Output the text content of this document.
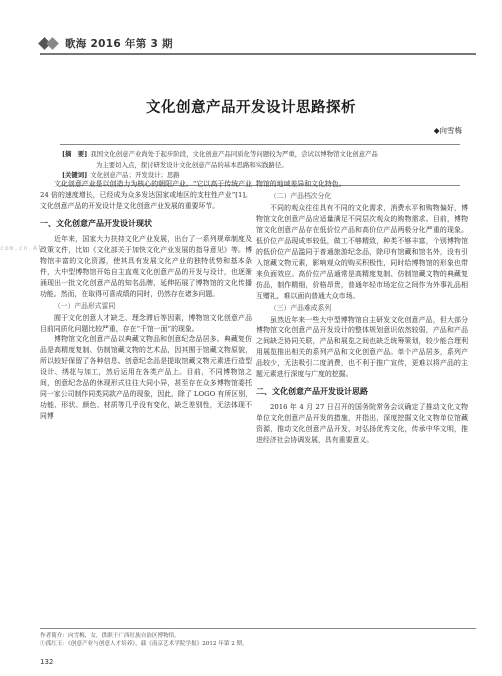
歌海 2016 年第 3 期
文化创意产品开发设计思路探析
◆向雪梅
[摘　要] 我国文化创意产业尚处于起步阶段，文化创意产品同质化等问题较为严重，尝试以博物馆文化创意产品
为主要切入点，探讨研发设计文化创意产品的基本思路和实践路径。
[关键词] 文化创意产品；开发设计；思路
com.cn Al

文化创意产业是以创造力为核心的朝阳产业。“它以高于传统产业 24 倍的速度增长，已经成为众多发达国家或地区的支柱性产业”[1]。文化创意产品的开发设计是文化创意产业发展的重要环节。

一、文化创意产品开发设计现状

近年来，国家大力扶持文化产业发展，出台了一系列规章制度及政策文件，比如《文化部关于加快文化产业发展的指导意见》等。博物馆丰富的文化资源，使其具有发展文化产业的独特优势和基本条件，大中型博物馆开始自主直观文化创意产品的开发与设计，也逐渐涌现出一批文化创意产品的知名品牌，延伸拓展了博物馆的文化传播功能。然而，在取得可喜成绩的同时，仍然存在诸多问题。

（一）产品形式雷同

囿于文化创意人才缺乏、理念滞后等因素，博物馆文化创意产品目前同质化问题比较严重，存在“千馆一面”的现象。

博物馆文化创意产品以典藏文物品和创意纪念品居多。典藏复仿品是高精度复制、仿制馆藏文物的艺术品，因其囿于馆藏文物原貌，所以较好保留了各种信息。创意纪念品是提取馆藏文物元素进行造型设计、绣花与加工，然后运用在各类产品上。目前，不同博物馆之间，创意纪念品的休现形式往往大同小异，甚至存在众多博物馆委托同一家公司制作同类同款产品的现象，因此，除了 LOGO 有所区别，功能、形状、颜色、材质等几乎没有变化，缺乏差别性，无法体现不同博

物馆的地域差异和文化特色。

（二）产品档次分化

不同的观众往往具有不同的文化需求，消费水平和购物偏好，博物馆文化创意产品应适量满足不同层次观众的购物需求。目前，博物馆文化创意产品存在低价位产品和高价位产品两极分化严重的现象。低价位产品现成率较低，做工不够精致，种类不够丰富，个别博物馆的低价位产品滥同于普通旅游纪念品，除印有馆藏和馆名外，没有引入馆藏文物元素，影响观众的购买积极性，同时给博物馆的形象也带来负面效应。高价位产品通常是高精度复制、仿制馆藏文物的典藏复仿品，制作精细，价格昂贵，普通年轻市场定位之间作为外事礼品相互赠礼，难以面向普通大众市场。

（三）产品难成系列

虽然近年来一些大中型博物馆自主研发文化创意产品，但大部分博物馆文化创意产品开发设计的整体规划意识依然较弱，产品和产品之间缺乏协同关联，产品和展览之间也缺乏统筹策划，较少能合理利用展览推出相关的系列产品和文化创意产品。单个产品居多，系列产品较少，无法吸引二度消费，也不利于推广宣传，更难以将产品的主题元素进行深度与广度的挖掘。

二、文化创意产品开发设计思路

2016 年 4 月 27 日召开的国务院常务会议确定了推动文化文物单位文化创意产品开发的措施，并指出，深度挖掘文化文物单位馆藏资源，推动文化创意产品开发，对弘扬优秀文化，传承中华文明，推进经济社会协调发展，具有重要意义。

作者简介：向雪梅，女，供职于广西壮族自治区博物馆。
①孤红玉：《创意产业与创意人才培养》，载《南京艺术学院学报》2012 年第 2 期。
132
